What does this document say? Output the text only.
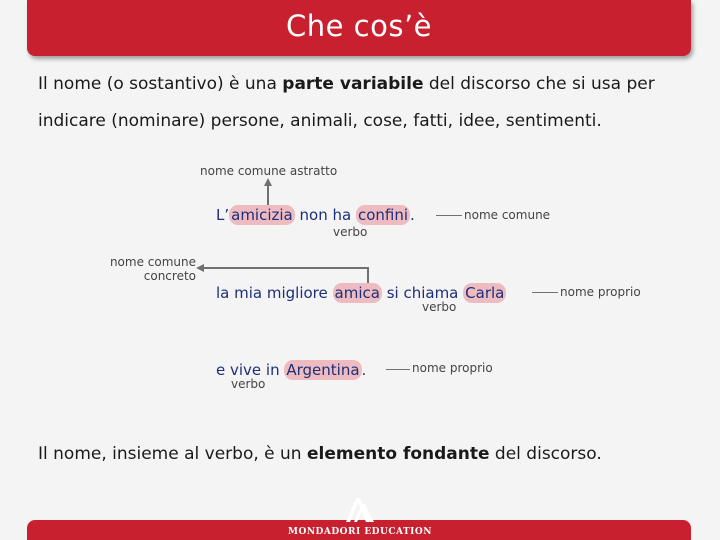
Che cos’è
Il nome (o sostantivo) è una parte variabile del discorso che si usa per indicare (nominare) persone, animali, cose, fatti, idee, sentimenti.
nome comune astratto
L’ amicizia non ha confini .
verbo
nome comune
nome comune
concreto
la mia migliore amica si chiama Carla
verbo
nome proprio
e vive in Argentina .
verbo
nome proprio
Il nome, insieme al verbo, è un elemento fondante del discorso.
MONDADORI EDUCATION
